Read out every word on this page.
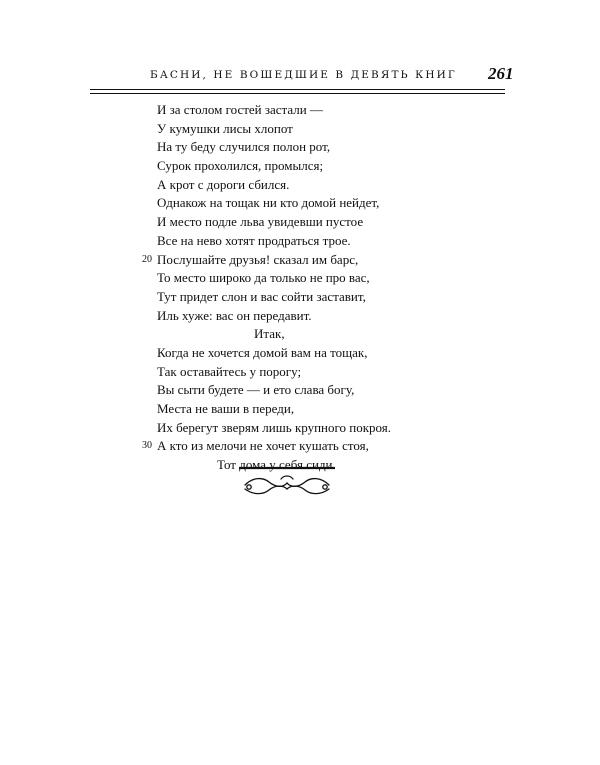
БАСНИ, НЕ ВОШЕДШИЕ В ДЕВЯТЬ КНИГ 261
И за столом гостей застали —
У кумушки лисы хлопот
На ту беду случился полон рот,
Сурок прохолился, промылся;
А крот с дороги сбился.
Однакож на тощак ни кто домой нейдет,
И место подле льва увидевши пустое
Все на нево хотят продраться трое.
20 Послушайте друзья! сказал им барс,
То место широко да только не про вас,
Тут придет слон и вас сойти заставит,
Иль хуже: вас он передавит.
Итак,
Когда не хочется домой вам на тощак,
Так оставайтесь у порогу;
Вы сыти будете — и ето слава богу,
Места не ваши в переди,
Их берегут зверям лишь крупного покроя.
30 А кто из мелочи не хочет кушать стоя,
Тот дома у себя сиди.
